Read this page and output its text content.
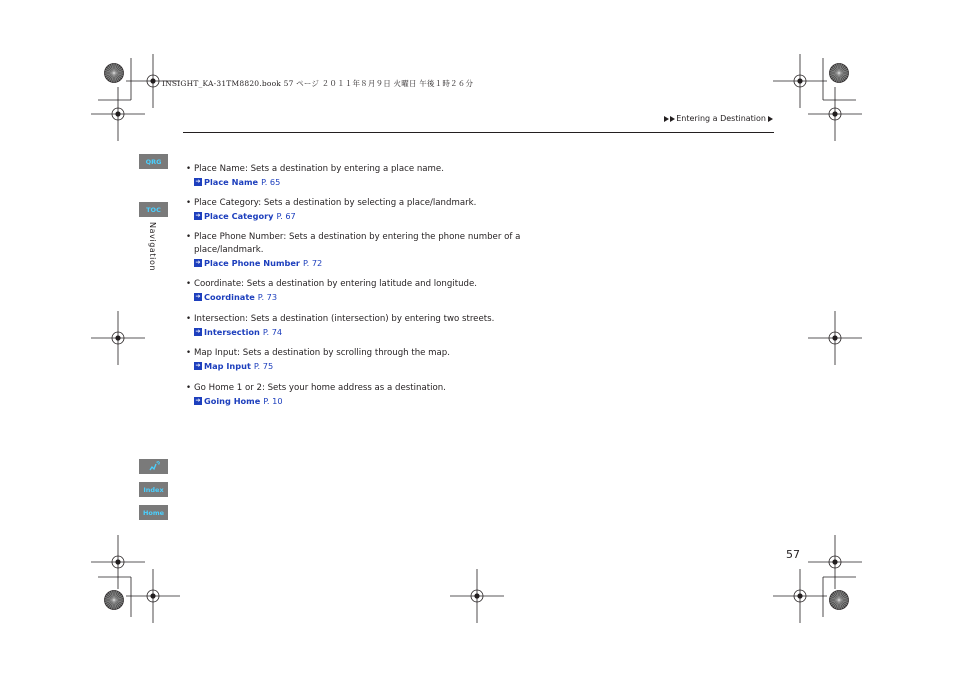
INSIGHT_KA-31TM8820.book 57 ページ ２０１１年８月９日 火曜日 午後１時２６分
Entering a Destination
QRG
TOC
Navigation
Index
Home
• Place Name: Sets a destination by entering a place name.
➔ Place Name P. 65
• Place Category: Sets a destination by selecting a place/landmark.
➔ Place Category P. 67
• Place Phone Number: Sets a destination by entering the phone number of a place/landmark.
➔ Place Phone Number P. 72
• Coordinate: Sets a destination by entering latitude and longitude.
➔ Coordinate P. 73
• Intersection: Sets a destination (intersection) by entering two streets.
➔ Intersection P. 74
• Map Input: Sets a destination by scrolling through the map.
➔ Map Input P. 75
• Go Home 1 or 2: Sets your home address as a destination.
➔ Going Home P. 10
57
